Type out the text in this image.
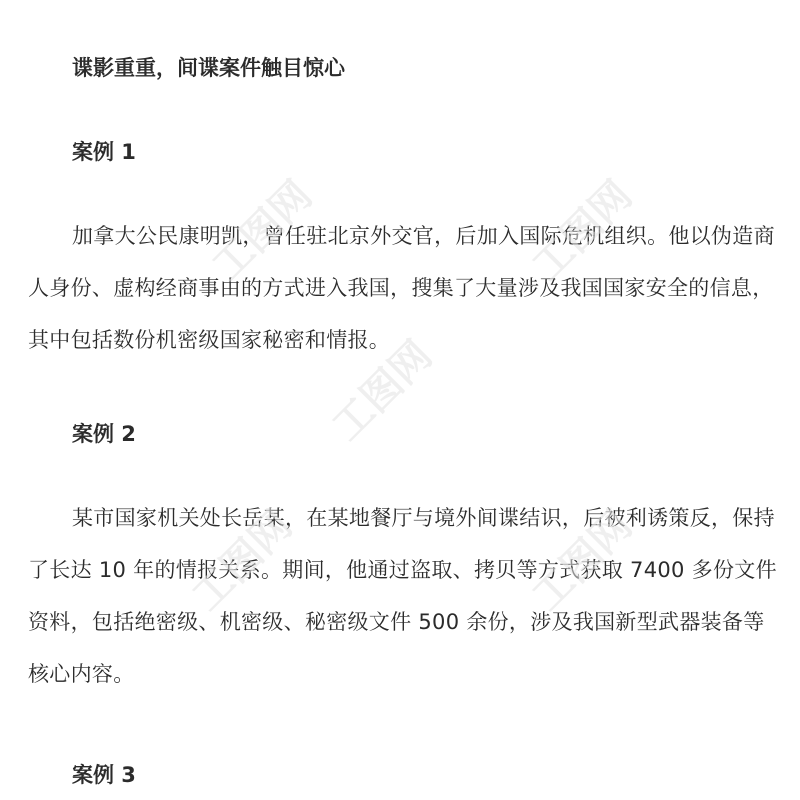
谍影重重，间谍案件触目惊心
案例 1

加拿大公民康明凯，曾任驻北京外交官，后加入国际危机组织。他以伪造商人身份、虚构经商事由的方式进入我国，搜集了大量涉及我国国家安全的信息，其中包括数份机密级国家秘密和情报。

案例 2

某市国家机关处长岳某，在某地餐厅与境外间谍结识，后被利诱策反，保持了长达 10 年的情报关系。期间，他通过盗取、拷贝等方式获取 7400 多份文件资料，包括绝密级、机密级、秘密级文件 500 余份，涉及我国新型武器装备等核心内容。

案例 3
工图网	工图网
工图网
工图网	工图网
